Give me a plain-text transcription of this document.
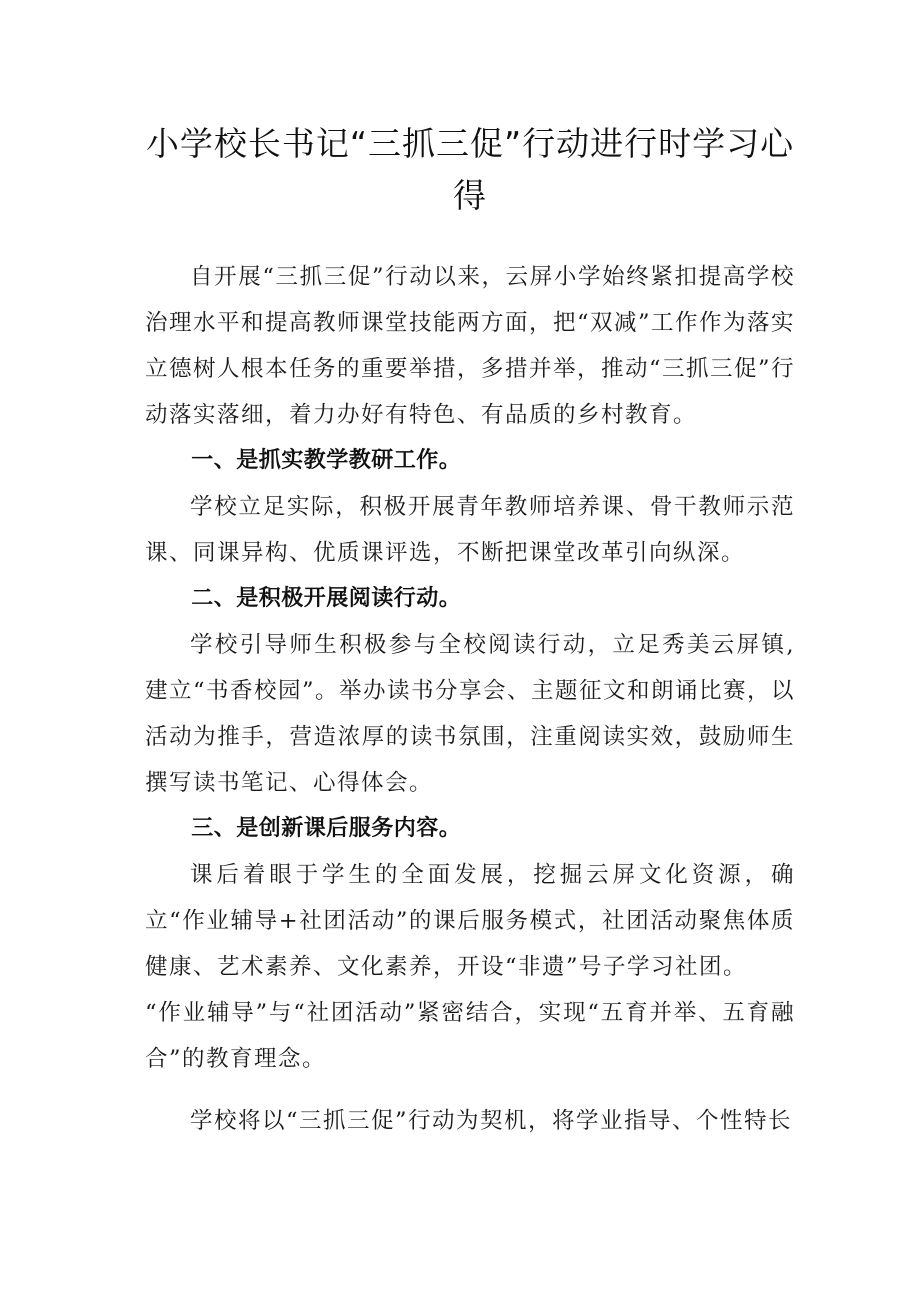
小学校长书记“三抓三促”行动进行时学习心得

自开展“三抓三促”行动以来，云屏小学始终紧扣提高学校治理水平和提高教师课堂技能两方面，把“双减”工作作为落实立德树人根本任务的重要举措，多措并举，推动“三抓三促”行动落实落细，着力办好有特色、有品质的乡村教育。

一、是抓实教学教研工作。

学校立足实际，积极开展青年教师培养课、骨干教师示范课、同课异构、优质课评选，不断把课堂改革引向纵深。

二、是积极开展阅读行动。

学校引导师生积极参与全校阅读行动，立足秀美云屏镇,建立“书香校园”。举办读书分享会、主题征文和朗诵比赛，以活动为推手，营造浓厚的读书氛围，注重阅读实效，鼓励师生撰写读书笔记、心得体会。

三、是创新课后服务内容。

课后着眼于学生的全面发展，挖掘云屏文化资源，确立“作业辅导+社团活动”的课后服务模式，社团活动聚焦体质健康、艺术素养、文化素养，开设“非遗”号子学习社团。

“作业辅导”与“社团活动”紧密结合，实现“五育并举、五育融合”的教育理念。

学校将以“三抓三促”行动为契机，将学业指导、个性特长
